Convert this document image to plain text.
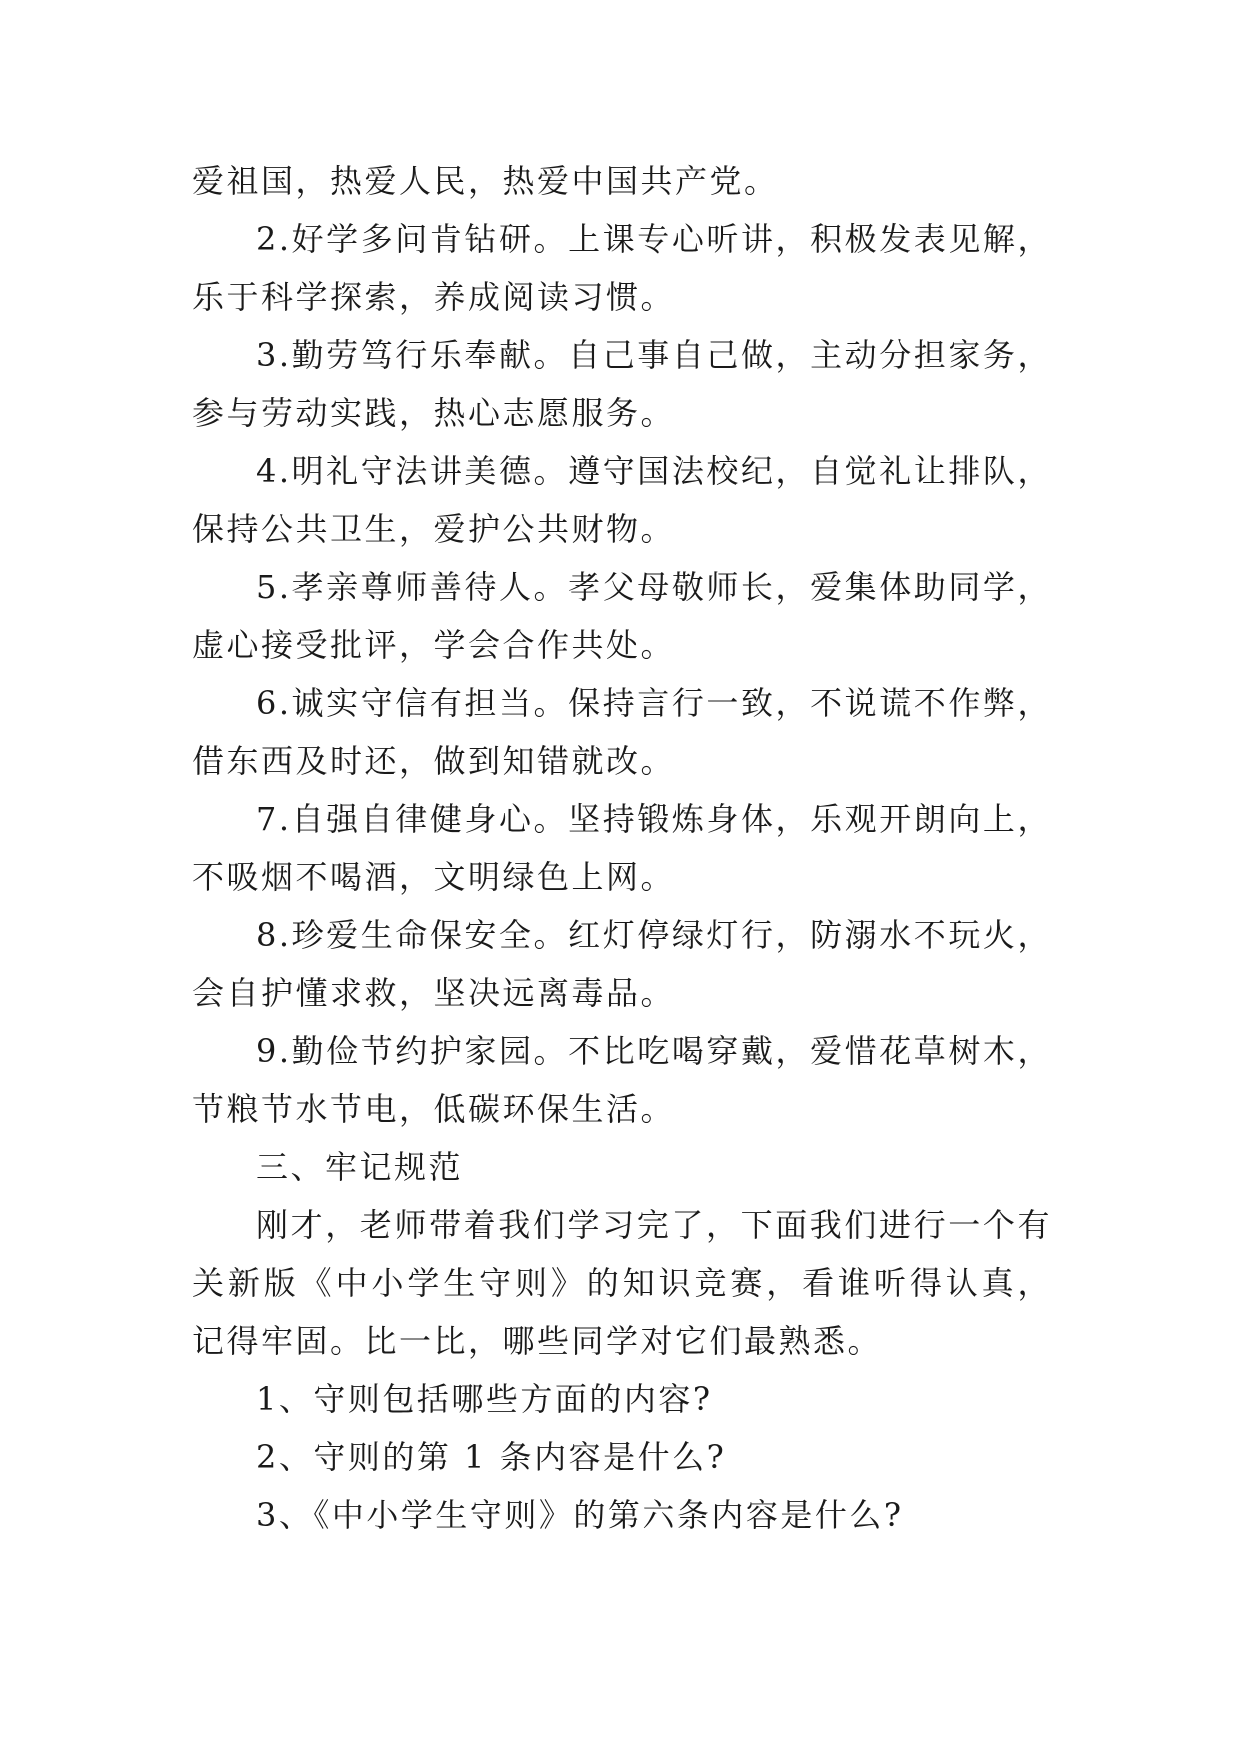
爱祖国，热爱人民，热爱中国共产党。

2.好学多问肯钻研。上课专心听讲，积极发表见解，乐于科学探索，养成阅读习惯。

3.勤劳笃行乐奉献。自己事自己做，主动分担家务，参与劳动实践，热心志愿服务。

4.明礼守法讲美德。遵守国法校纪，自觉礼让排队，保持公共卫生，爱护公共财物。

5.孝亲尊师善待人。孝父母敬师长，爱集体助同学，虚心接受批评，学会合作共处。

6.诚实守信有担当。保持言行一致，不说谎不作弊，借东西及时还，做到知错就改。

7.自强自律健身心。坚持锻炼身体，乐观开朗向上，不吸烟不喝酒，文明绿色上网。

8.珍爱生命保安全。红灯停绿灯行，防溺水不玩火，会自护懂求救，坚决远离毒品。

9.勤俭节约护家园。不比吃喝穿戴，爱惜花草树木，节粮节水节电，低碳环保生活。

三、牢记规范

刚才，老师带着我们学习完了，下面我们进行一个有关新版《中小学生守则》的知识竞赛，看谁听得认真，记得牢固。比一比，哪些同学对它们最熟悉。

1、守则包括哪些方面的内容?

2、守则的第 1 条内容是什么?

3、《中小学生守则》的第六条内容是什么?
